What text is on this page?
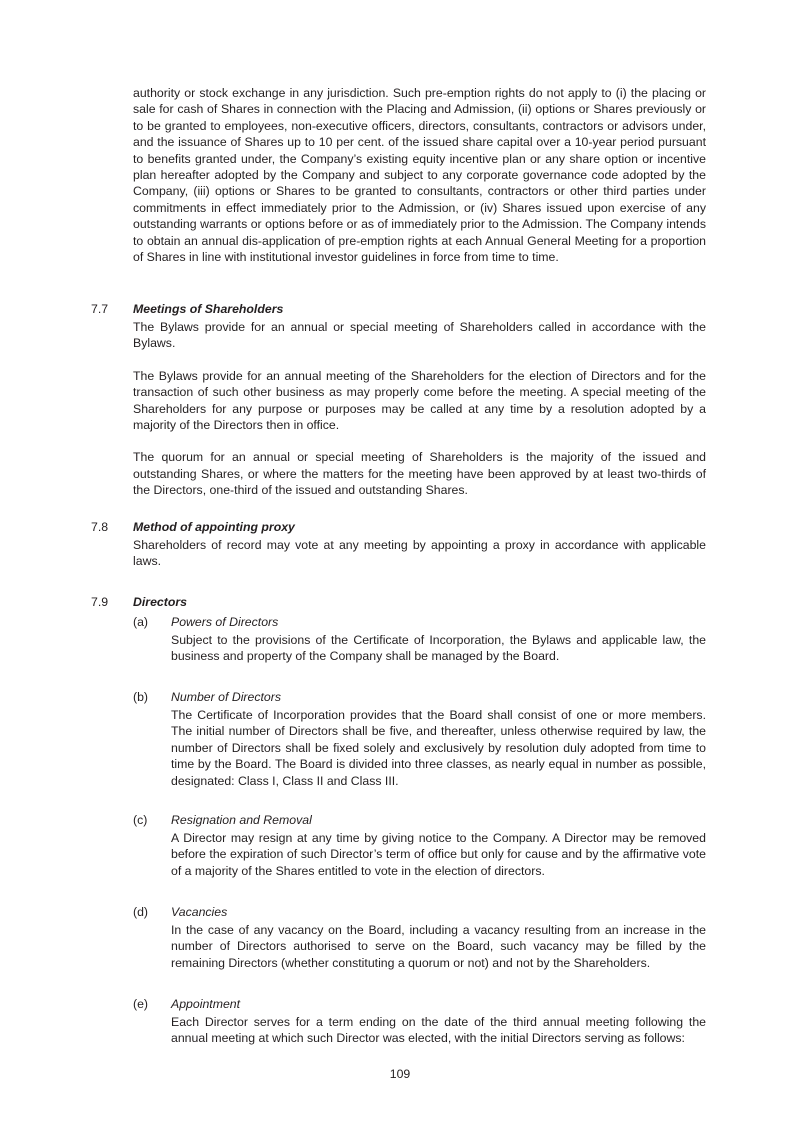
authority or stock exchange in any jurisdiction. Such pre-emption rights do not apply to (i) the placing or sale for cash of Shares in connection with the Placing and Admission, (ii) options or Shares previously or to be granted to employees, non-executive officers, directors, consultants, contractors or advisors under, and the issuance of Shares up to 10 per cent. of the issued share capital over a 10-year period pursuant to benefits granted under, the Company’s existing equity incentive plan or any share option or incentive plan hereafter adopted by the Company and subject to any corporate governance code adopted by the Company, (iii) options or Shares to be granted to consultants, contractors or other third parties under commitments in effect immediately prior to the Admission, or (iv) Shares issued upon exercise of any outstanding warrants or options before or as of immediately prior to the Admission. The Company intends to obtain an annual dis-application of pre-emption rights at each Annual General Meeting for a proportion of Shares in line with institutional investor guidelines in force from time to time.

7.7 Meetings of Shareholders

The Bylaws provide for an annual or special meeting of Shareholders called in accordance with the Bylaws.

The Bylaws provide for an annual meeting of the Shareholders for the election of Directors and for the transaction of such other business as may properly come before the meeting. A special meeting of the Shareholders for any purpose or purposes may be called at any time by a resolution adopted by a majority of the Directors then in office.

The quorum for an annual or special meeting of Shareholders is the majority of the issued and outstanding Shares, or where the matters for the meeting have been approved by at least two-thirds of the Directors, one-third of the issued and outstanding Shares.

7.8 Method of appointing proxy

Shareholders of record may vote at any meeting by appointing a proxy in accordance with applicable laws.

7.9 Directors
(a) Powers of Directors

Subject to the provisions of the Certificate of Incorporation, the Bylaws and applicable law, the business and property of the Company shall be managed by the Board.

(b) Number of Directors

The Certificate of Incorporation provides that the Board shall consist of one or more members. The initial number of Directors shall be five, and thereafter, unless otherwise required by law, the number of Directors shall be fixed solely and exclusively by resolution duly adopted from time to time by the Board. The Board is divided into three classes, as nearly equal in number as possible, designated: Class I, Class II and Class III.

(c) Resignation and Removal

A Director may resign at any time by giving notice to the Company. A Director may be removed before the expiration of such Director’s term of office but only for cause and by the affirmative vote of a majority of the Shares entitled to vote in the election of directors.

(d) Vacancies

In the case of any vacancy on the Board, including a vacancy resulting from an increase in the number of Directors authorised to serve on the Board, such vacancy may be filled by the remaining Directors (whether constituting a quorum or not) and not by the Shareholders.

(e) Appointment

Each Director serves for a term ending on the date of the third annual meeting following the annual meeting at which such Director was elected, with the initial Directors serving as follows:

109
